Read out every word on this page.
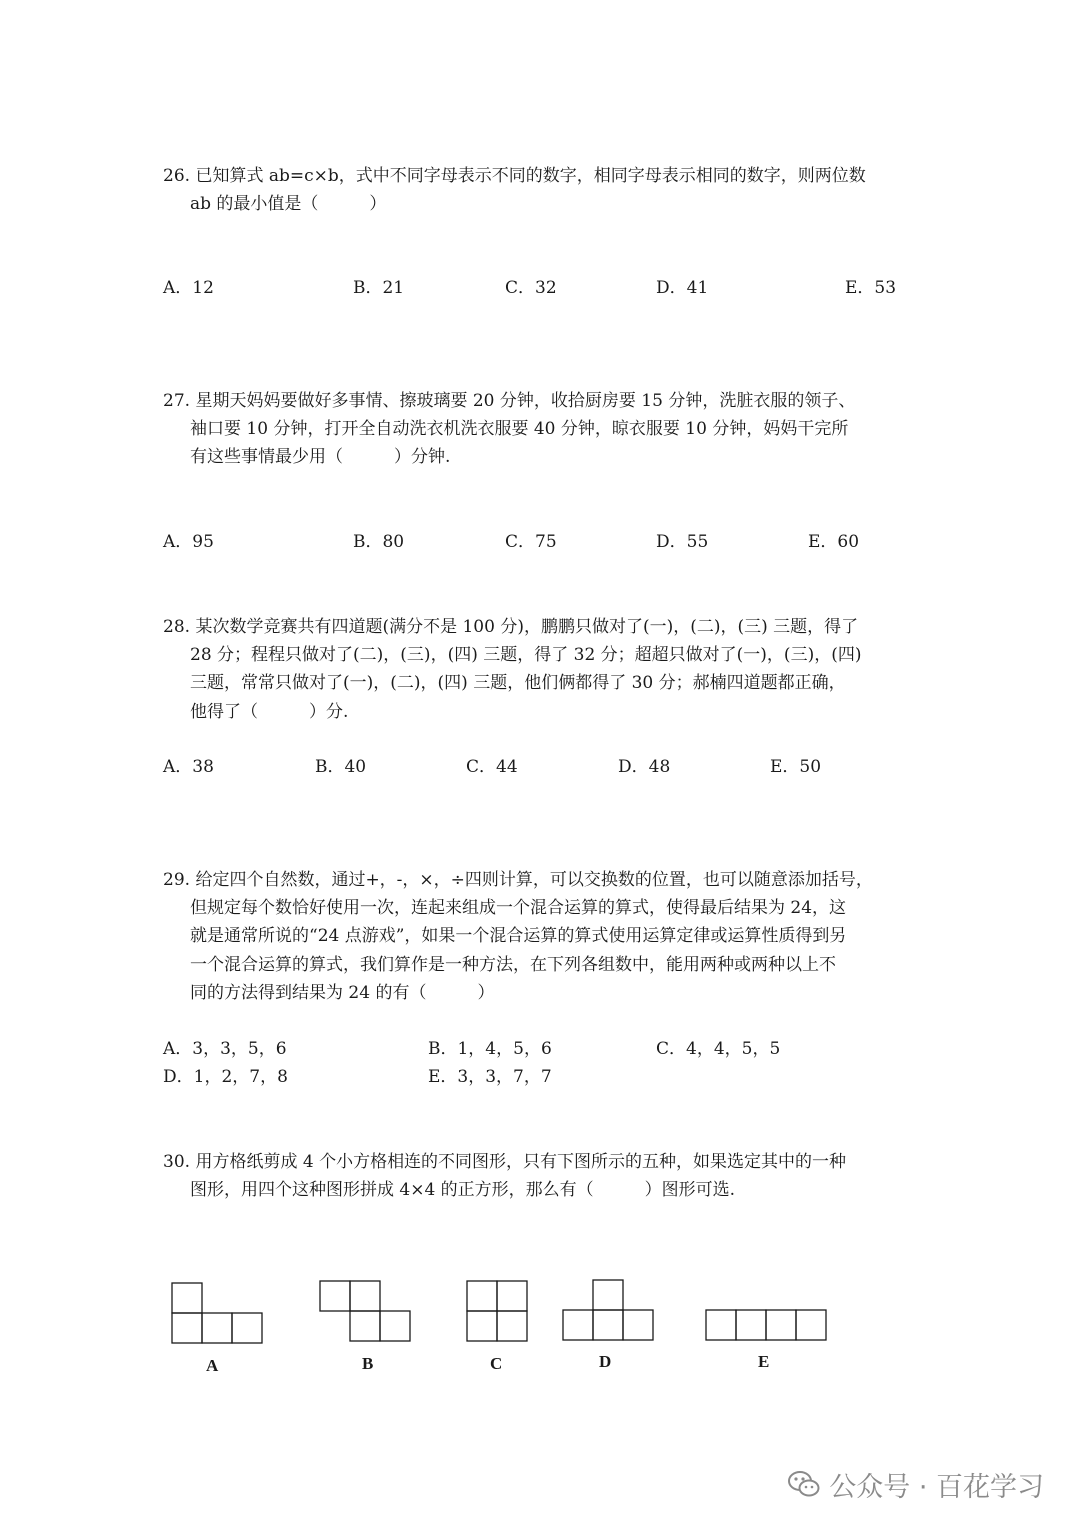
26. 已知算式 ab=c×b，式中不同字母表示不同的数字，相同字母表示相同的数字，则两位数
ab 的最小值是（　　　）
A．12	B．21	C．32	D．41	E．53
27. 星期天妈妈要做好多事情、擦玻璃要 20 分钟，收拾厨房要 15 分钟，洗脏衣服的领子、
袖口要 10 分钟，打开全自动洗衣机洗衣服要 40 分钟，晾衣服要 10 分钟，妈妈干完所
有这些事情最少用（　　　）分钟.
A．95	B．80	C．75	D．55	E．60
28. 某次数学竞赛共有四道题(满分不是 100 分)，鹏鹏只做对了(一)，(二)，(三) 三题，得了
28 分；程程只做对了(二)，(三)，(四) 三题，得了 32 分；超超只做对了(一)，(三)，(四)
三题，常常只做对了(一)，(二)，(四) 三题，他们俩都得了 30 分；郝楠四道题都正确，
他得了（　　　）分.
A．38	B．40	C．44	D．48	E．50
29. 给定四个自然数，通过+，-，×，÷四则计算，可以交换数的位置，也可以随意添加括号，
但规定每个数恰好使用一次，连起来组成一个混合运算的算式，使得最后结果为 24，这
就是通常所说的“24 点游戏”，如果一个混合运算的算式使用运算定律或运算性质得到另
一个混合运算的算式，我们算作是一种方法，在下列各组数中，能用两种或两种以上不
同的方法得到结果为 24 的有（　　　）
A．3，3，5，6	B．1，4，5，6	C．4，4，5，5
D．1，2，7，8	E．3，3，7，7
30. 用方格纸剪成 4 个小方格相连的不同图形，只有下图所示的五种，如果选定其中的一种
图形，用四个这种图形拼成 4×4 的正方形，那么有（　　　）图形可选.
A	B	C	D	E
公众号 · 百花学习
